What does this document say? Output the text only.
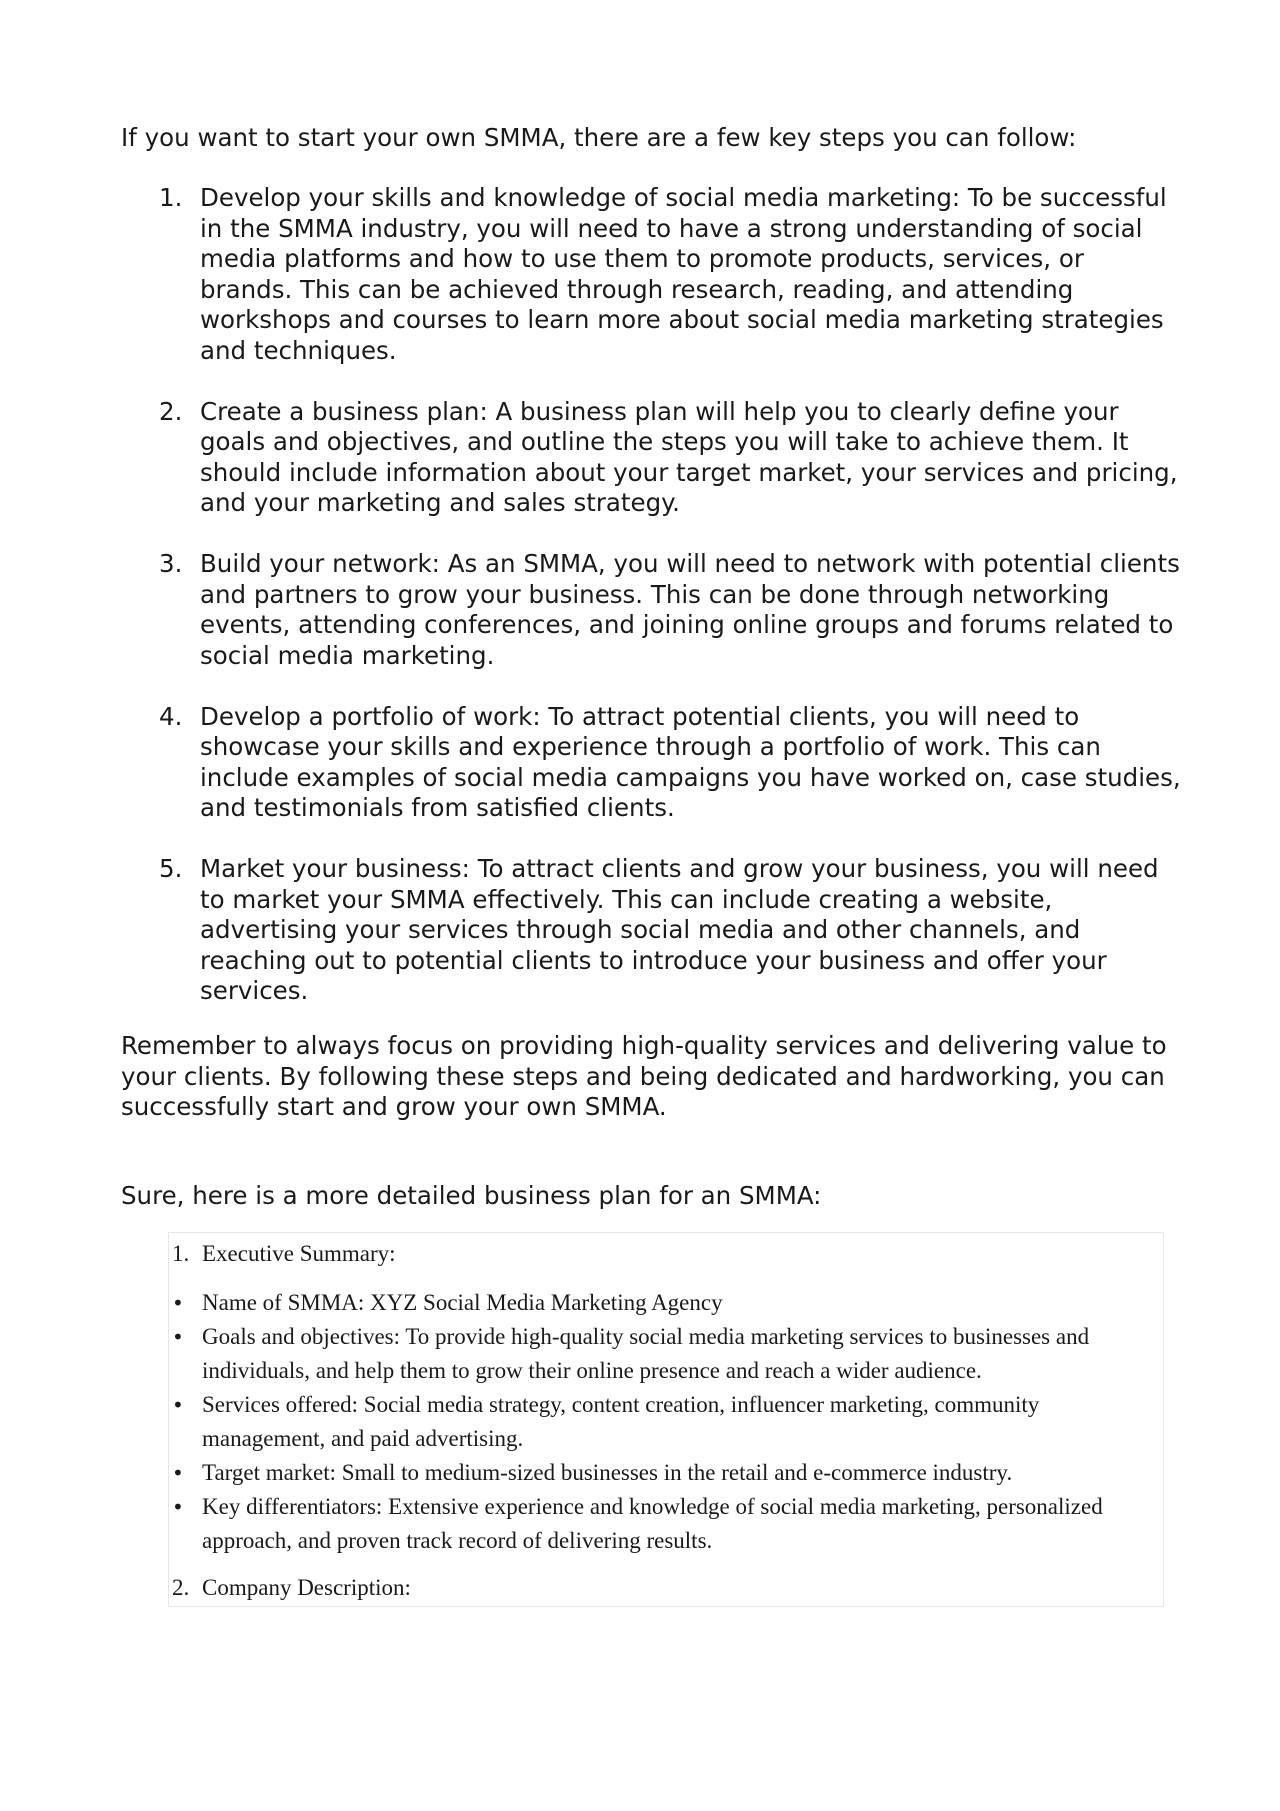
If you want to start your own SMMA, there are a few key steps you can follow:

1. Develop your skills and knowledge of social media marketing: To be successful in the SMMA industry, you will need to have a strong understanding of social media platforms and how to use them to promote products, services, or brands. This can be achieved through research, reading, and attending workshops and courses to learn more about social media marketing strategies and techniques.
2. Create a business plan: A business plan will help you to clearly define your goals and objectives, and outline the steps you will take to achieve them. It should include information about your target market, your services and pricing, and your marketing and sales strategy.
3. Build your network: As an SMMA, you will need to network with potential clients and partners to grow your business. This can be done through networking events, attending conferences, and joining online groups and forums related to social media marketing.
4. Develop a portfolio of work: To attract potential clients, you will need to showcase your skills and experience through a portfolio of work. This can include examples of social media campaigns you have worked on, case studies, and testimonials from satisfied clients.
5. Market your business: To attract clients and grow your business, you will need to market your SMMA effectively. This can include creating a website, advertising your services through social media and other channels, and reaching out to potential clients to introduce your business and offer your services.

Remember to always focus on providing high-quality services and delivering value to your clients. By following these steps and being dedicated and hardworking, you can successfully start and grow your own SMMA.

Sure, here is a more detailed business plan for an SMMA:

1. Executive Summary:

• Name of SMMA: XYZ Social Media Marketing Agency
• Goals and objectives: To provide high-quality social media marketing services to businesses and individuals, and help them to grow their online presence and reach a wider audience.
• Services offered: Social media strategy, content creation, influencer marketing, community management, and paid advertising.
• Target market: Small to medium-sized businesses in the retail and e-commerce industry.
• Key differentiators: Extensive experience and knowledge of social media marketing, personalized approach, and proven track record of delivering results.

2. Company Description:
